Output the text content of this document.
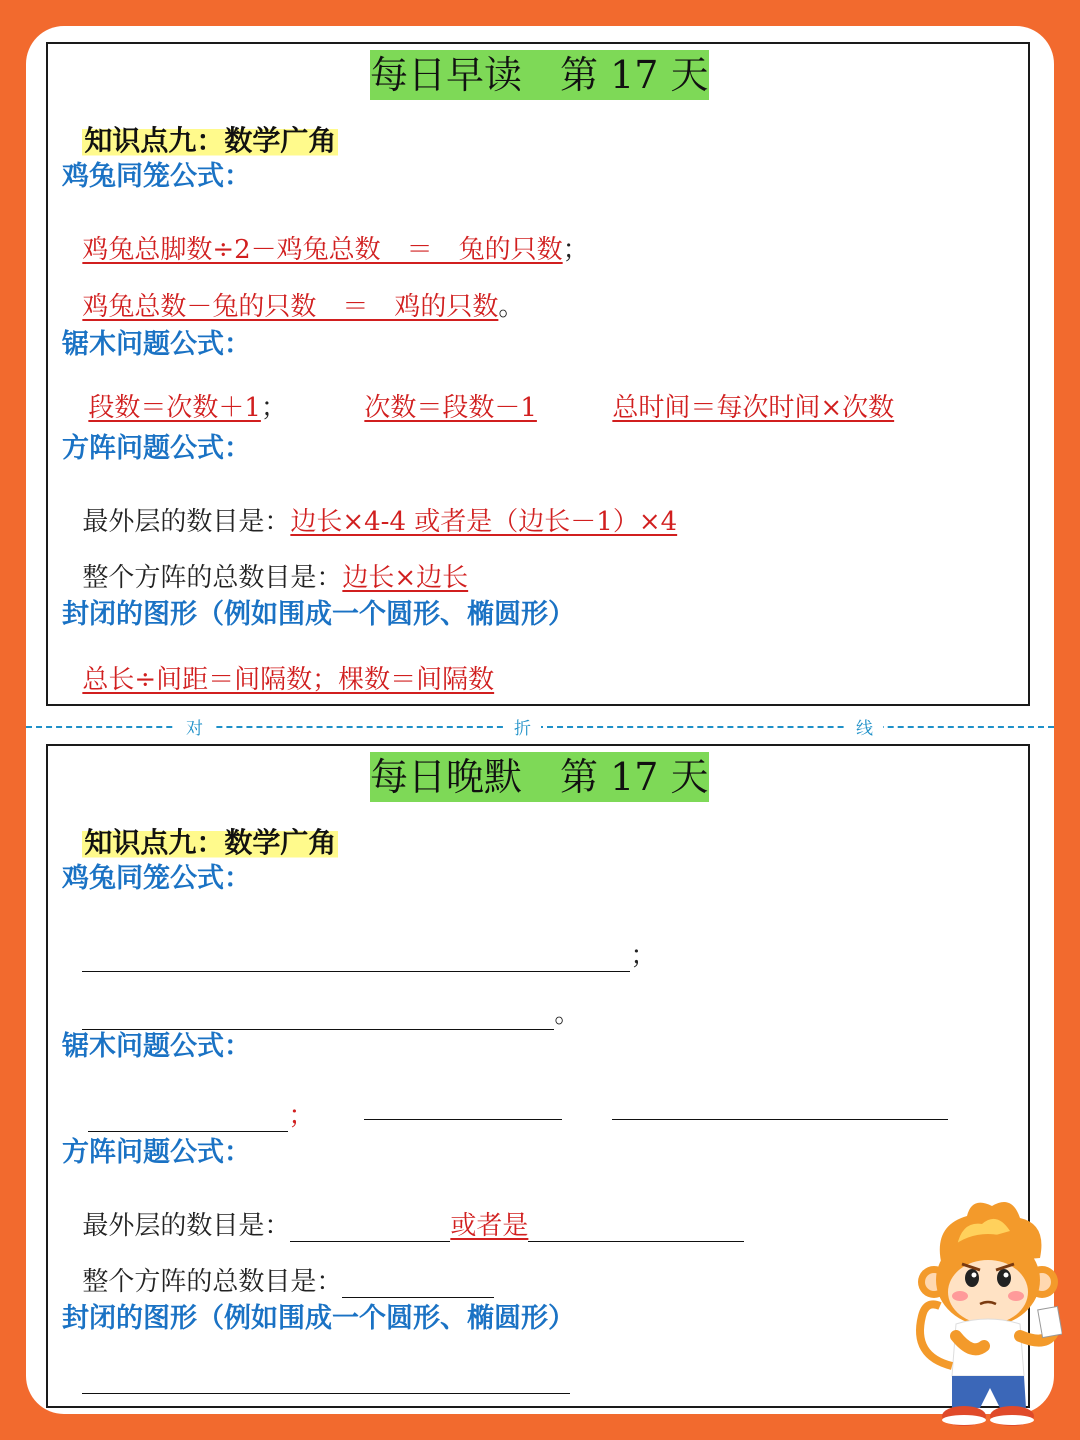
每日早读　第 17 天

知识点九：数学广角

鸡兔同笼公式：

鸡兔总脚数÷2－鸡兔总数　＝　兔的只数；

鸡兔总数－兔的只数　＝　鸡的只数。

锯木问题公式：

段数＝次数＋1；
	次数＝段数－1
	总时间＝每次时间×次数

方阵问题公式：

最外层的数目是：边长×4-4 或者是（边长－1）×4

整个方阵的总数目是：边长×边长

封闭的图形（例如围成一个圆形、椭圆形）

总长÷间距＝间隔数；棵数＝间隔数

对	折	线
每日晚默　第 17 天

知识点九：数学广角

鸡兔同笼公式：

；

。

锯木问题公式：

；

方阵问题公式：

最外层的数目是：	或者是

整个方阵的总数目是：

封闭的图形（例如围成一个圆形、椭圆形）
